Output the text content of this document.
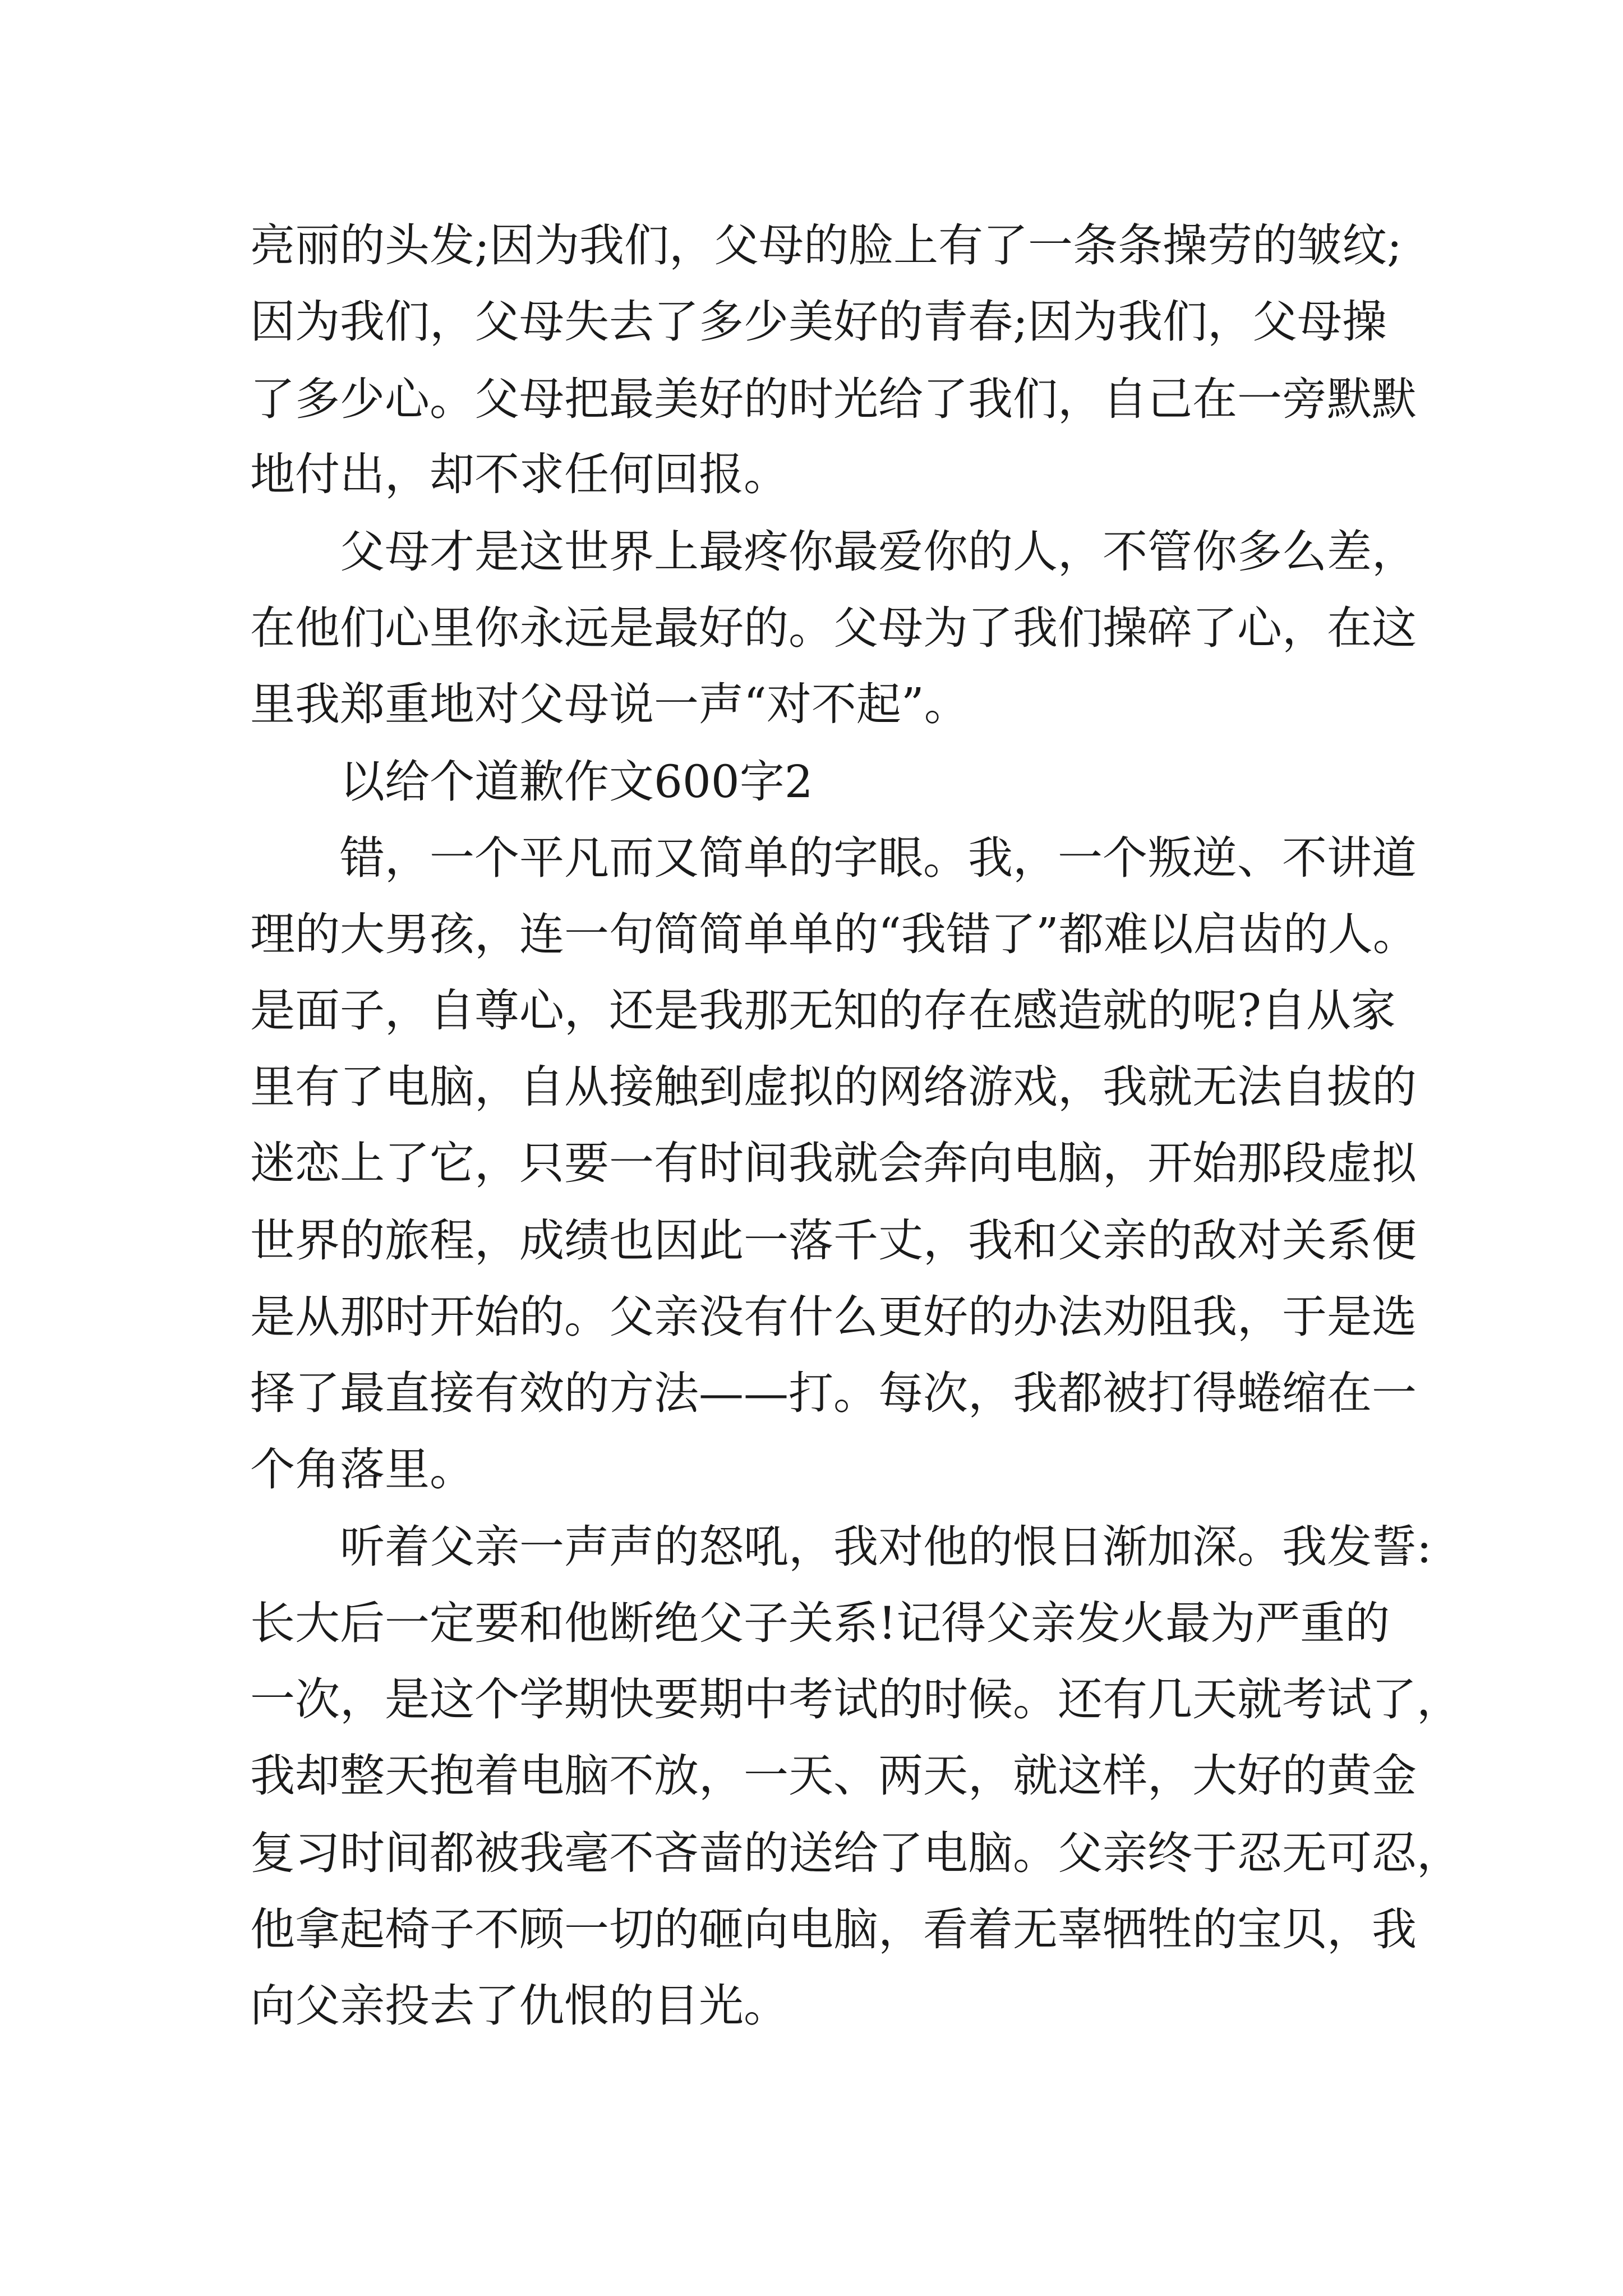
亮丽的头发;因为我们，父母的脸上有了一条条操劳的皱纹;
因为我们，父母失去了多少美好的青春;因为我们，父母操
了多少心。父母把最美好的时光给了我们，自己在一旁默默
地付出，却不求任何回报。
父母才是这世界上最疼你最爱你的人，不管你多么差，
在他们心里你永远是最好的。父母为了我们操碎了心，在这
里我郑重地对父母说一声“对不起”。
以给个道歉作文600字2
错，一个平凡而又简单的字眼。我，一个叛逆、不讲道
理的大男孩，连一句简简单单的“我错了”都难以启齿的人。
是面子，自尊心，还是我那无知的存在感造就的呢?自从家
里有了电脑，自从接触到虚拟的网络游戏，我就无法自拔的
迷恋上了它，只要一有时间我就会奔向电脑，开始那段虚拟
世界的旅程，成绩也因此一落千丈，我和父亲的敌对关系便
是从那时开始的。父亲没有什么更好的办法劝阻我，于是选
择了最直接有效的方法——打。每次，我都被打得蜷缩在一
个角落里。
听着父亲一声声的怒吼，我对他的恨日渐加深。我发誓:
长大后一定要和他断绝父子关系!记得父亲发火最为严重的
一次，是这个学期快要期中考试的时候。还有几天就考试了，
我却整天抱着电脑不放，一天、两天，就这样，大好的黄金
复习时间都被我毫不吝啬的送给了电脑。父亲终于忍无可忍，
他拿起椅子不顾一切的砸向电脑，看着无辜牺牲的宝贝，我
向父亲投去了仇恨的目光。
